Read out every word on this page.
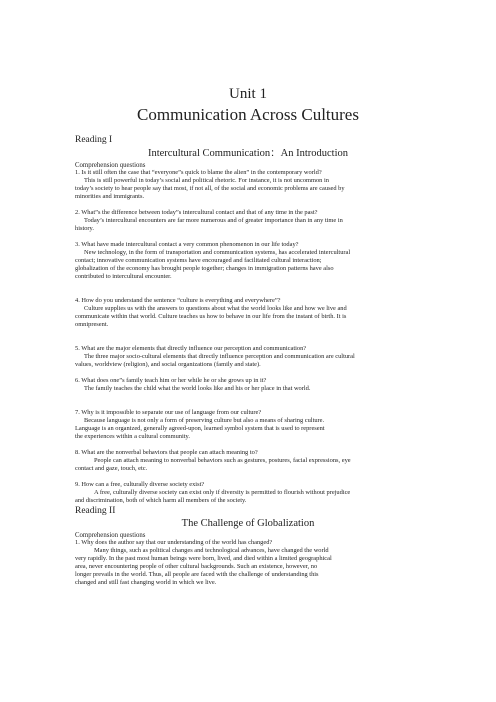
Unit 1
Communication Across Cultures
Reading I
Intercultural Communication：An Introduction
Comprehension questions
1. Is it still often the case that “everyone”s quick to blame the alien” in the contemporary world?
This is still powerful in today’s social and political rhetoric. For instance, it is not uncommon in
today’s society to hear people say that most, if not all, of the social and economic problems are caused by
minorities and immigrants.
2. What”s the difference between today”s intercultural contact and that of any time in the past?
Today’s intercultural encounters are far more numerous and of greater importance than in any time in
history.
3. What have made intercultural contact a very common phenomenon in our life today?
New technology, in the form of transportation and communication systems, has accelerated intercultural
contact; innovative communication systems have encouraged and facilitated cultural interaction;
globalization of the economy has brought people together; changes in immigration patterns have also
contributed to intercultural encounter.
4. How do you understand the sentence “culture is everything and everywhere”?
Culture supplies us with the answers to questions about what the world looks like and how we live and
communicate within that world. Culture teaches us how to behave in our life from the instant of birth. It is
omnipresent.
5. What are the major elements that directly influence our perception and communication?
The three major socio-cultural elements that directly influence perception and communication are cultural
values, worldview (religion), and social organizations (family and state).
6. What does one”s family teach him or her while he or she grows up in it?
The family teaches the child what the world looks like and his or her place in that world.
7. Why is it impossible to separate our use of language from our culture?
Because language is not only a form of preserving culture but also a means of sharing culture.
Language is an organized, generally agreed-upon, learned symbol system that is used to represent
the experiences within a cultural community.
8. What are the nonverbal behaviors that people can attach meaning to?
People can attach meaning to nonverbal behaviors such as gestures, postures, facial expressions, eye
contact and gaze, touch, etc.
9. How can a free, culturally diverse society exist?
A free, culturally diverse society can exist only if diversity is permitted to flourish without prejudice
and discrimination, both of which harm all members of the society.
Reading II
The Challenge of Globalization
Comprehension questions
1. Why does the author say that our understanding of the world has changed?
Many things, such as political changes and technological advances, have changed the world
very rapidly. In the past most human beings were born, lived, and died within a limited geographical
area, never encountering people of other cultural backgrounds. Such an existence, however, no
longer prevails in the world. Thus, all people are faced with the challenge of understanding this
changed and still fast changing world in which we live.
